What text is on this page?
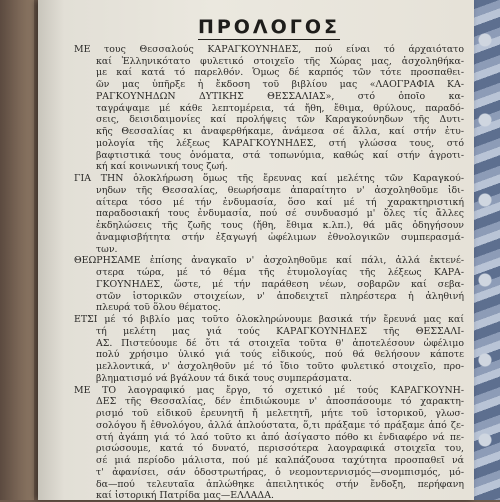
ΠΡΟΛΟΓΟΣ
ΜΕ τους Θεσσαλούς ΚΑΡΑΓΚΟΥΝΗΔΕΣ, πού είναι τό άρχαιότατο
καί Ἑλληνικότατο φυλετικό στοιχεῖο τῆς Χώρας μας, ἀσχοληθήκα-
με καί κατά τό παρελθόν. Ὁμως δέ καρπός τῶν τότε προσπαθει-
ῶν μας ὑπῆρξε ἡ ἔκδοση τοῦ βιβλίου μας «ΛΑΟΓΡΑΦΙΑ ΚΑ-
ΡΑΓΚΟΥΝΗΔΩΝ ΔΥΤΙΚΗΣ ΘΕΣΣΑΛΙΑΣ», στό ὁποῖο κα-
ταγράψαμε μέ κάθε λεπτομέρεια, τά ἤθη, ἔθιμα, θρύλους, παραδό-
σεις, δεισιδαιμονίες καί προλήψεις τῶν Καραγκούνηδων τῆς Δυτι-
κῆς Θεσσαλίας κι ἀναφερθήκαμε, ἀνάμεσα σέ ἄλλα, καί στήν ἐτυ-
μολογία τῆς λέξεως ΚΑΡΑΓΚΟΥΝΗΔΕΣ, στή γλώσσα τους, στό
βαφτιστικά τους ὀνόματα, στά τοπωνύμια, καθώς καί στήν ἀγροτι-
κή καί κοινωνική τους ζωή.
ΓΙΑ ΤΗΝ ὁλοκλήρωση ὅμως τῆς ἔρευνας καί μελέτης τῶν Καραγκού-
νηδων τῆς Θεσσαλίας, θεωρήσαμε ἀπαραίτητο ν' ἀσχοληθοῦμε ἰδι-
αίτερα τόσο μέ τήν ἐνδυμασία, ὅσο καί μέ τή χαρακτηριστική
παραδοσιακή τους ἐνδυμασία, πού σέ συνδυασμό μ' ὅλες τίς ἄλλες
ἐκδηλώσεις τῆς ζωῆς τους (ἤθη, ἔθιμα κ.λπ.), θά μᾶς ὁδηγήσουν
ἀναμφισβήτητα στήν ἐξαγωγή ὠφέλιμων ἐθνολογικῶν συμπερασμά-
των.
ΘΕΩΡΗΣΑΜΕ ἐπίσης ἀναγκαῖο ν' ἀσχοληθοῦμε καί πάλι, ἀλλά ἐκτενέ-
στερα τώρα, μέ τό θέμα τῆς ἐτυμολογίας τῆς λέξεως ΚΑΡΑ-
ΓΚΟΥΝΗΔΕΣ, ὥστε, μέ τήν παράθεση νέων, σοβαρῶν καί σεβα-
στῶν ἱστορικῶν στοιχείων, ν' ἀποδειχτεῖ πληρέστερα ἡ ἀληθινή
πλευρά τοῦ ὅλου θέματος.
ΕΤΣΙ μέ τό βιβλίο μας τοῦτο ὁλοκληρώνουμε βασικά τήν ἔρευνά μας καί
τή μελέτη μας γιά τούς ΚΑΡΑΓΚΟΥΝΗΔΕΣ τῆς ΘΕΣΣΑΛΙ-
ΑΣ. Πιστεύουμε δέ ὅτι τά στοιχεῖα τοῦτα θ' ἀποτελέσουν ὠφέλιμο
πολύ χρήσιμο ὑλικό γιά τούς εἰδικούς, πού θά θελήσουν κάποτε
μελλοντικά, ν' ἀσχοληθοῦν μέ τό ἴδιο τοῦτο φυλετικό στοιχεῖο, προ-
βληματισμό νά βγάλουν τά δικά τους συμπεράσματα.
ΜΕ ΤΟ λαογραφικό μας ἔργο, τό σχετικό μέ τούς ΚΑΡΑΓΚΟΥΝΗ-
ΔΕΣ τῆς Θεσσαλίας, δέν ἐπιδιώκουμε ν' ἀποσπάσουμε τό χαρακτη-
ρισμό τοῦ εἰδικοῦ ἐρευνητῆ ἤ μελετητῆ, μήτε τοῦ ἱστορικοῦ, γλωσ-
σολόγου ἤ ἐθνολόγου, ἀλλά ἁπλούστατα, ὅ,τι πράξαμε τό πράξαμε ἀπό ζε-
στή ἀγάπη γιά τό λαό τοῦτο κι ἀπό ἀσίγαστο πόθο κι ἐνδιαφέρο νά πε-
ρισώσουμε, κατά τό δυνατό, περισσότερα λαογραφικά στοιχεῖα του,
σέ μιά περίοδο μάλιστα, πού μέ καλπάζουσα ταχύτητα προσπαθεῖ νά
τ' ἀφανίσει, σάν ὁδοστρωτήρας, ὁ νεομοντερνισμός—σνομπισμός, μό-
δα—πού τελευταῖα ἁπλώθηκε ἀπειλητικός στήν ἔνδοξη, περήφανη
καί ἱστορική Πατρίδα μας—ΕΛΛΑΔΑ.
